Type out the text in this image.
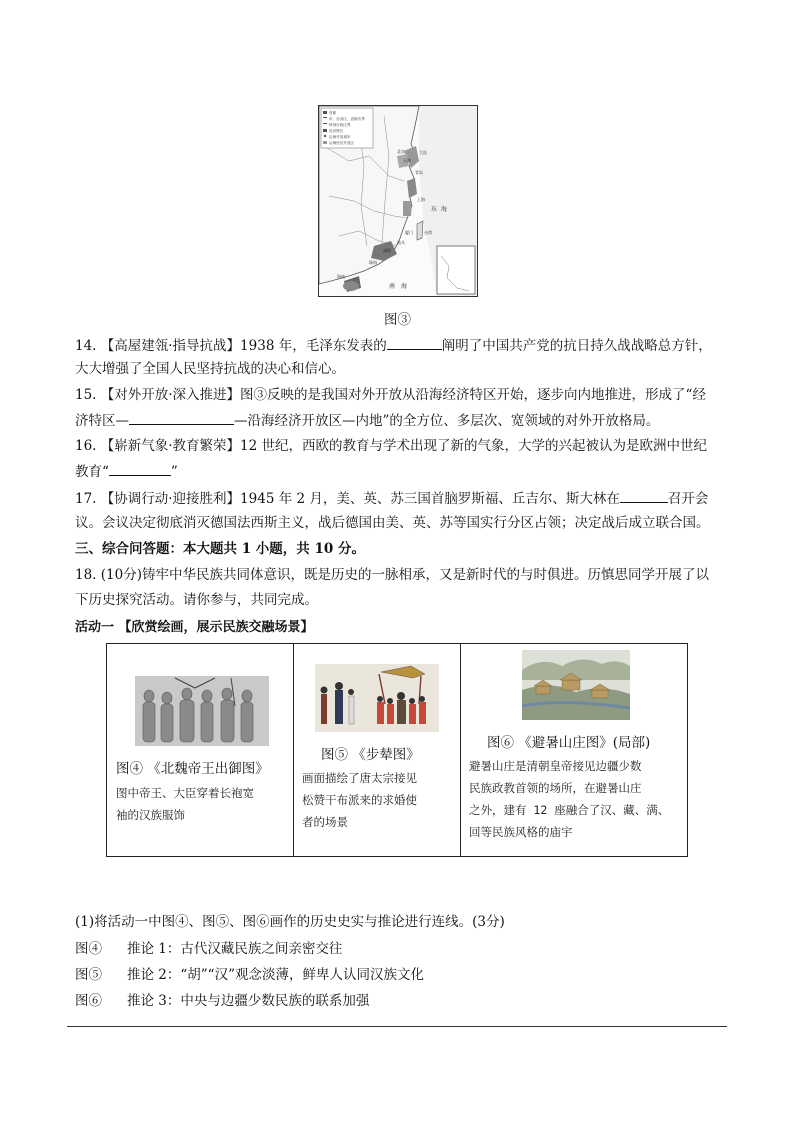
首都
市、自治区、直辖市界
特别行政区界
经济特区
沿海开放城市
沿海经济开放区
北京
天津
大连
青岛
上海
东 海
台湾
厦门
汕头
深圳
珠海
海南
南 海
图③
14. 【高屋建瓴·指导抗战】1938 年，毛泽东发表的	阐明了中国共产党的抗日持久战战略总方针，
大大增强了全国人民坚持抗战的决心和信心。
15. 【对外开放·深入推进】图③反映的是我国对外开放从沿海经济特区开始，逐步向内地推进，形成了“经
济特区—	—沿海经济开放区—内地”的全方位、多层次、宽领域的对外开放格局。
16. 【崭新气象·教育繁荣】12 世纪，西欧的教育与学术出现了新的气象，大学的兴起被认为是欧洲中世纪
教育“	”
17. 【协调行动·迎接胜利】1945 年 2 月，美、英、苏三国首脑罗斯福、丘吉尔、斯大林在	召开会
议。会议决定彻底消灭德国法西斯主义，战后德国由美、英、苏等国实行分区占领；决定战后成立联合国。
三、综合问答题：本大题共 1 小题，共 10 分。
18. (10分)铸牢中华民族共同体意识，既是历史的一脉相承，又是新时代的与时俱进。历慎思同学开展了以
下历史探究活动。请你参与，共同完成。
活动一 【欣赏绘画，展示民族交融场景】
图④ 《北魏帝王出御图》
图中帝王、大臣穿着长袍宽
袖的汉族服饰

图⑤ 《步辇图》
画面描绘了唐太宗接见
松赞干布派来的求婚使
者的场景

图⑥ 《避暑山庄图》(局部)
避暑山庄是清朝皇帝接见边疆少数
民族政教首领的场所，在避暑山庄
之外，建有 12 座融合了汉、藏、满、
回等民族风格的庙宇
(1)将活动一中图④、图⑤、图⑥画作的历史史实与推论进行连线。(3分)
图④ 推论 1：古代汉藏民族之间亲密交往
图⑤ 推论 2：“胡”“汉”观念淡薄，鲜卑人认同汉族文化
图⑥ 推论 3：中央与边疆少数民族的联系加强
